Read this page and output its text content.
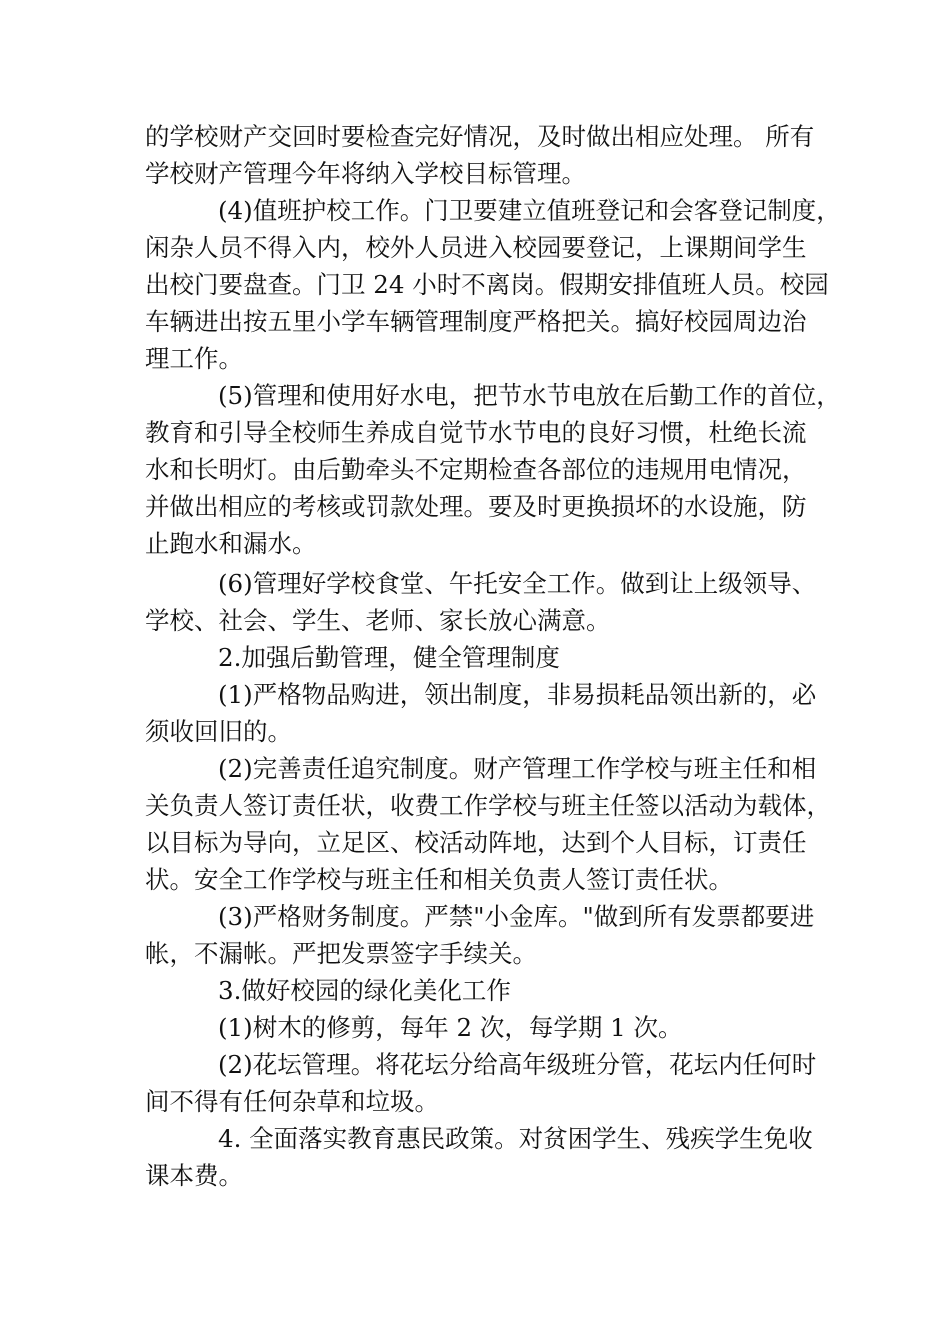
的学校财产交回时要检查完好情况，及时做出相应处理。 所有
学校财产管理今年将纳入学校目标管理。
(4)值班护校工作。门卫要建立值班登记和会客登记制度，
闲杂人员不得入内，校外人员进入校园要登记，上课期间学生
出校门要盘查。门卫 24 小时不离岗。假期安排值班人员。校园
车辆进出按五里小学车辆管理制度严格把关。搞好校园周边治
理工作。
(5)管理和使用好水电，把节水节电放在后勤工作的首位，
教育和引导全校师生养成自觉节水节电的良好习惯，杜绝长流
水和长明灯。由后勤牵头不定期检查各部位的违规用电情况，
并做出相应的考核或罚款处理。要及时更换损坏的水设施，防
止跑水和漏水。
(6)管理好学校食堂、午托安全工作。做到让上级领导、
学校、社会、学生、老师、家长放心满意。
2.加强后勤管理，健全管理制度
(1)严格物品购进，领出制度，非易损耗品领出新的，必
须收回旧的。
(2)完善责任追究制度。财产管理工作学校与班主任和相
关负责人签订责任状，收费工作学校与班主任签以活动为载体，
以目标为导向，立足区、校活动阵地，达到个人目标，订责任
状。安全工作学校与班主任和相关负责人签订责任状。
(3)严格财务制度。严禁"小金库。"做到所有发票都要进
帐，不漏帐。严把发票签字手续关。
3.做好校园的绿化美化工作
(1)树木的修剪，每年 2 次，每学期 1 次。
(2)花坛管理。将花坛分给高年级班分管，花坛内任何时
间不得有任何杂草和垃圾。
4. 全面落实教育惠民政策。对贫困学生、残疾学生免收
课本费。
